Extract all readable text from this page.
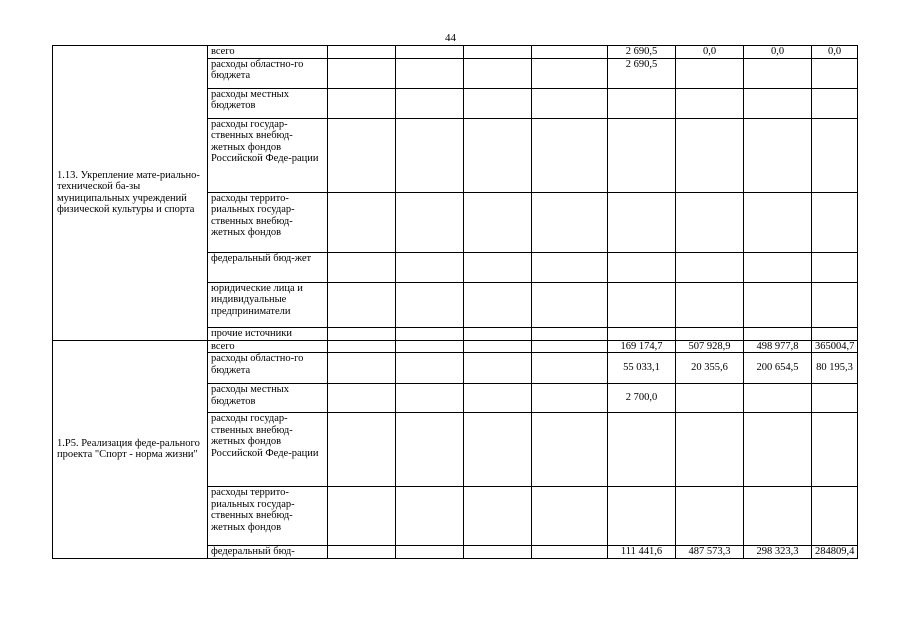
44
1.13. Укрепление мате-риально-технической ба-зы муниципальных учреждений физической культуры и спорта	всего					2 690,5	0,0	0,0	0,0
	расходы областно-го бюджета					2 690,5			
	расходы местных бюджетов								
	расходы государ-ственных внебюд-жетных фондов Российской Феде-рации								
	расходы террито-риальных государ-ственных внебюд-жетных фондов								
	федеральный бюд-жет								
	юридические лица и индивидуальные предприниматели								
	прочие источники								
1.Р5. Реализация феде-рального проекта "Спорт - норма жизни"	всего					169 174,7	507 928,9	498 977,8	365004,7
	расходы областно-го бюджета					55 033,1	20 355,6	200 654,5	80 195,3
	расходы местных бюджетов					2 700,0			
	расходы государ-ственных внебюд-жетных фондов Российской Феде-рации								
	расходы террито-риальных государ-ственных внебюд-жетных фондов								
	федеральный бюд-					111 441,6	487 573,3	298 323,3	284809,4
